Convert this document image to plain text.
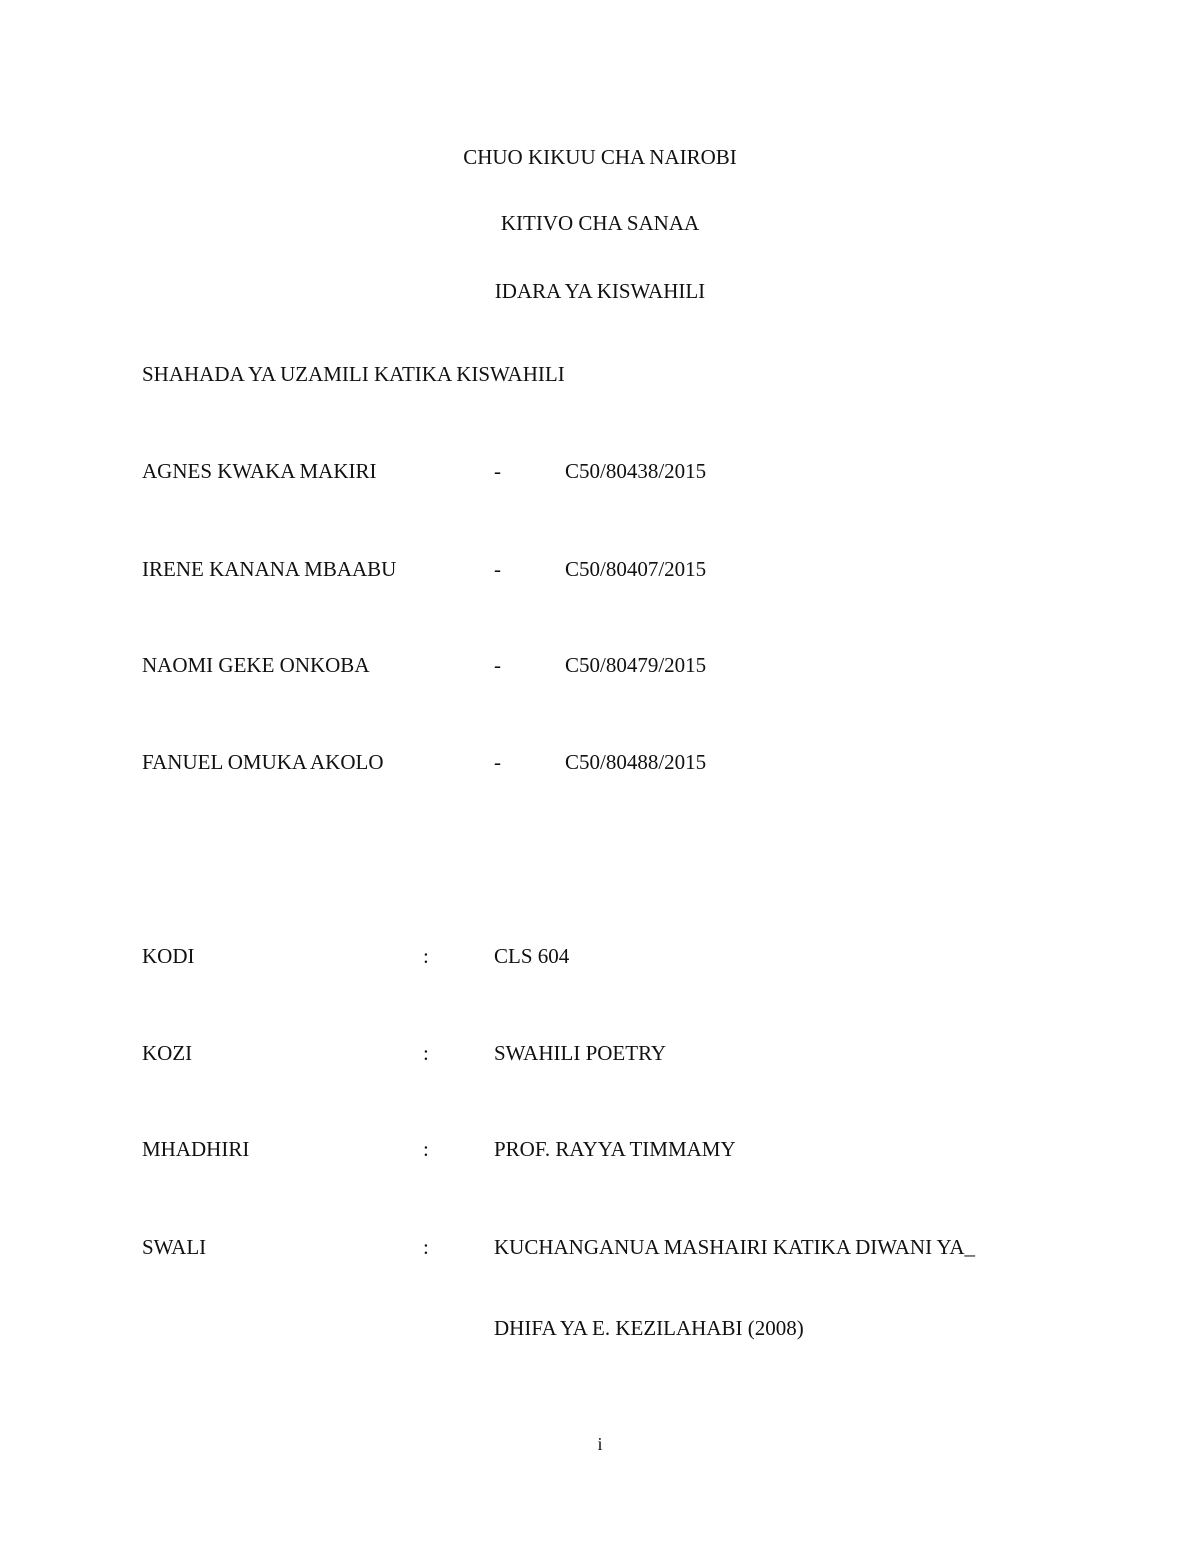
CHUO KIKUU CHA NAIROBI
KITIVO CHA SANAA
IDARA YA KISWAHILI
SHAHADA YA UZAMILI KATIKA KISWAHILI
AGNES KWAKA MAKIRI	-	C50/80438/2015
IRENE KANANA MBAABU	-	C50/80407/2015
NAOMI GEKE ONKOBA	-	C50/80479/2015
FANUEL OMUKA AKOLO	-	C50/80488/2015
KODI	:	CLS 604
KOZI	:	SWAHILI POETRY
MHADHIRI	:	PROF. RAYYA TIMMAMY
SWALI	:	KUCHANGANUA MASHAIRI KATIKA DIWANI YA_
DHIFA YA E. KEZILAHABI (2008)
i
